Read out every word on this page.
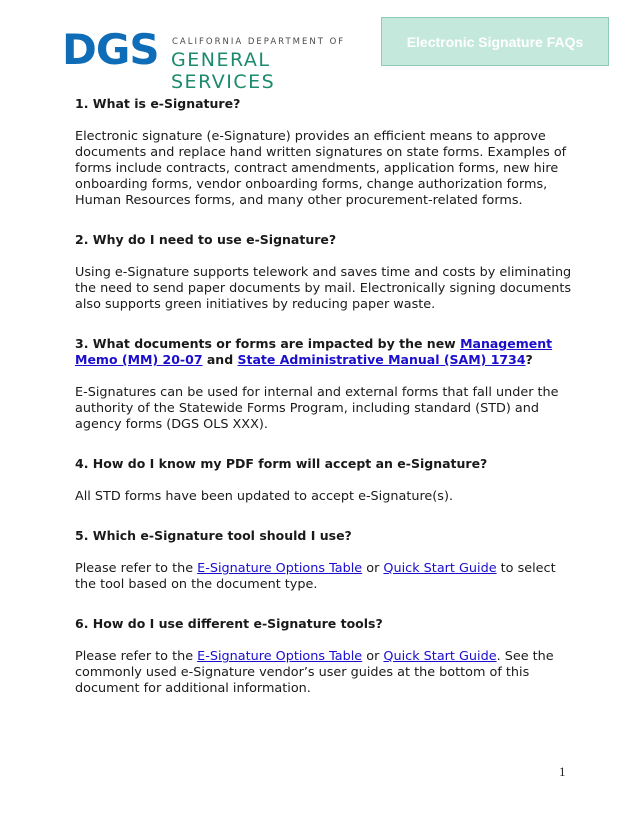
DGS CALIFORNIA DEPARTMENT OF
GENERAL SERVICES
Electronic Signature FAQs

1. What is e-Signature?

Electronic signature (e-Signature) provides an efficient means to approve documents and replace hand written signatures on state forms. Examples of forms include contracts, contract amendments, application forms, new hire onboarding forms, vendor onboarding forms, change authorization forms, Human Resources forms, and many other procurement-related forms.

2. Why do I need to use e-Signature?

Using e-Signature supports telework and saves time and costs by eliminating the need to send paper documents by mail. Electronically signing documents also supports green initiatives by reducing paper waste.

3. What documents or forms are impacted by the new Management Memo (MM) 20-07 and State Administrative Manual (SAM) 1734?

E-Signatures can be used for internal and external forms that fall under the authority of the Statewide Forms Program, including standard (STD) and agency forms (DGS OLS XXX).

4. How do I know my PDF form will accept an e-Signature?

All STD forms have been updated to accept e-Signature(s).

5. Which e-Signature tool should I use?

Please refer to the E-Signature Options Table or Quick Start Guide to select the tool based on the document type.

6. How do I use different e-Signature tools?

Please refer to the E-Signature Options Table or Quick Start Guide. See the commonly used e-Signature vendor’s user guides at the bottom of this document for additional information.

1
